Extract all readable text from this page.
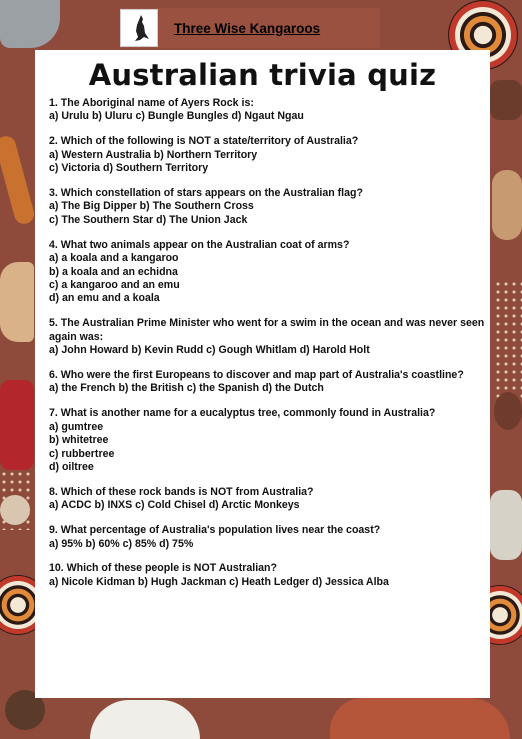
Three Wise Kangaroos
Australian trivia quiz
1. The Aboriginal name of Ayers Rock is:
a) Urulu b) Uluru c) Bungle Bungles d) Ngaut Ngau
2. Which of the following is NOT a state/territory of Australia?
a) Western Australia b) Northern Territory
c) Victoria d) Southern Territory
3. Which constellation of stars appears on the Australian flag?
a) The Big Dipper b) The Southern Cross
c) The Southern Star d) The Union Jack
4. What two animals appear on the Australian coat of arms?
a) a koala and a kangaroo
b) a koala and an echidna
c) a kangaroo and an emu
d) an emu and a koala
5. The Australian Prime Minister who went for a swim in the ocean and was never seen again was:
a) John Howard b) Kevin Rudd c) Gough Whitlam d) Harold Holt
6. Who were the first Europeans to discover and map part of Australia's coastline?
a) the French b) the British c) the Spanish d) the Dutch
7. What is another name for a eucalyptus tree, commonly found in Australia?
a) gumtree
b) whitetree
c) rubbertree
d) oiltree
8. Which of these rock bands is NOT from Australia?
a) ACDC b) INXS c) Cold Chisel d) Arctic Monkeys
9. What percentage of Australia's population lives near the coast?
a) 95% b) 60% c) 85% d) 75%
10. Which of these people is NOT Australian?
a) Nicole Kidman b) Hugh Jackman c) Heath Ledger d) Jessica Alba
